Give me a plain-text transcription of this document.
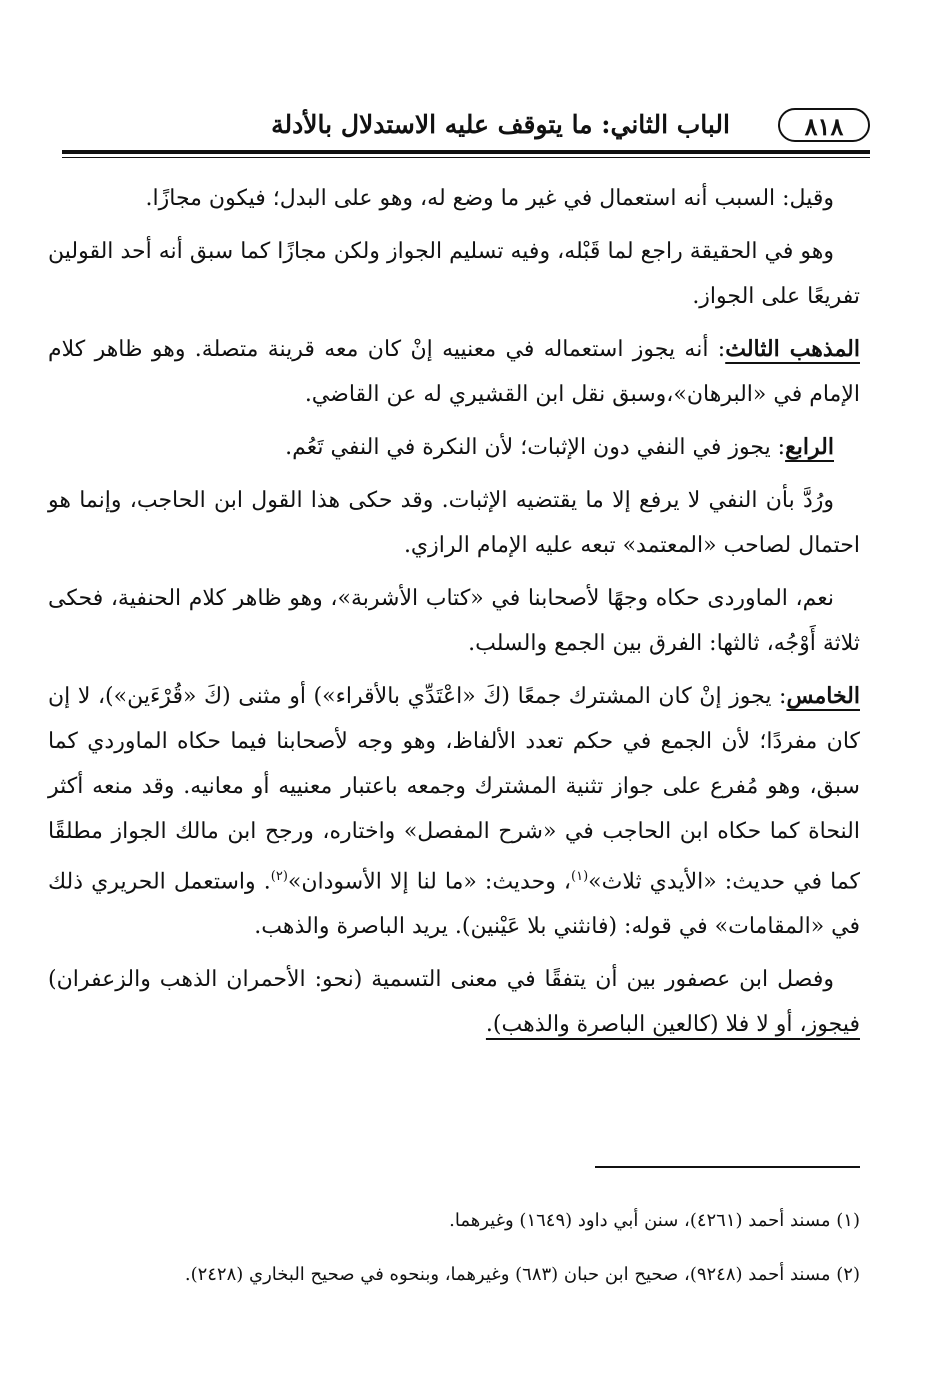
٨١٨
الباب الثاني: ما يتوقف عليه الاستدلال بالأدلة

وقيل: السبب أنه استعمال في غير ما وضع له، وهو على البدل؛ فيكون مجازًا.

وهو في الحقيقة راجع لما قَبْله، وفيه تسليم الجواز ولكن مجازًا كما سبق أنه أحد القولين تفريعًا على الجواز.

المذهب الثالث: أنه يجوز استعماله في معنييه إنْ كان معه قرينة متصلة. وهو ظاهر كلام الإمام في «البرهان»،وسبق نقل ابن القشيري له عن القاضي.

الرابع: يجوز في النفي دون الإثبات؛ لأن النكرة في النفي تَعُم.

ورُدَّ بأن النفي لا يرفع إلا ما يقتضيه الإثبات. وقد حكى هذا القول ابن الحاجب، وإنما هو احتمال لصاحب «المعتمد» تبعه عليه الإمام الرازي.

نعم، الماوردى حكاه وجهًا لأصحابنا في «كتاب الأشربة»، وهو ظاهر كلام الحنفية، فحكى ثلاثة أَوْجُه، ثالثها: الفرق بين الجمع والسلب.

الخامس: يجوز إنْ كان المشترك جمعًا (كَ «اعْتَدِّي بالأقراء») أو مثنى (كَ «قُرْءَين»)، لا إن كان مفردًا؛ لأن الجمع في حكم تعدد الألفاظ، وهو وجه لأصحابنا فيما حكاه الماوردي كما سبق، وهو مُفرع على جواز تثنية المشترك وجمعه باعتبار معنييه أو معانيه. وقد منعه أكثر النحاة كما حكاه ابن الحاجب في «شرح المفصل» واختاره، ورجح ابن مالك الجواز مطلقًا كما في حديث: «الأيدي ثلاث»$^{(١)}$، وحديث: «ما لنا إلا الأسودان»$^{(٢)}$. واستعمل الحريري ذلك في «المقامات» في قوله: (فانثني بلا عَيْنين). يريد الباصرة والذهب.

وفصل ابن عصفور بين أن يتفقًا في معنى التسمية (نحو: الأحمران الذهب والزعفران) فيجوز، أو لا فلا (كالعين الباصرة والذهب).

(١) مسند أحمد (٤٢٦١)، سنن أبي داود (١٦٤٩) وغيرهما.

(٢) مسند أحمد (٩٢٤٨)، صحيح ابن حبان (٦٨٣) وغيرهما، وبنحوه في صحيح البخاري (٢٤٢٨).
